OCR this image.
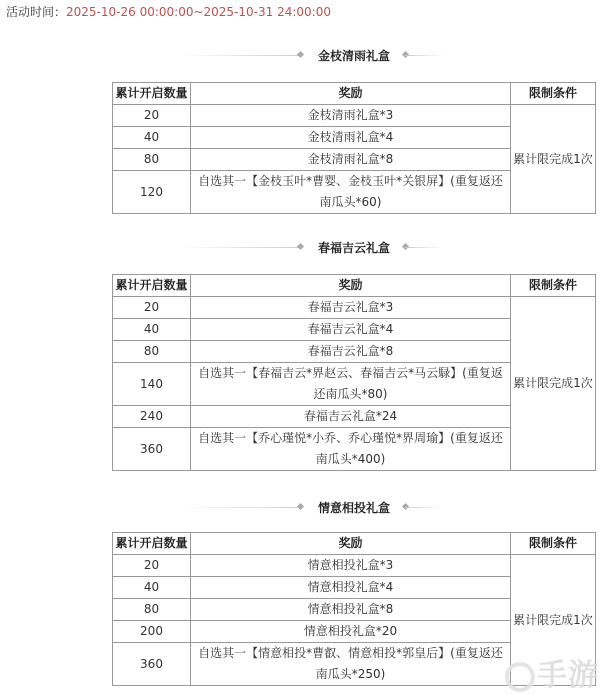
活动时间：2025-10-26 00:00:00~2025-10-31 24:00:00
金枝清雨礼盒
累计开启数量	奖励	限制条件
20	金枝清雨礼盒*3	累计限完成1次
40	金枝清雨礼盒*4	
80	金枝清雨礼盒*8	
120	自选其一【金枝玉叶*曹婴、金枝玉叶*关银屏】(重复返还南瓜头*60)	
春福吉云礼盒
累计开启数量	奖励	限制条件
20	春福吉云礼盒*3	累计限完成1次
40	春福吉云礼盒*4	
80	春福吉云礼盒*8	
140	自选其一【春福吉云*界赵云、春福吉云*马云騄】(重复返还南瓜头*80)	
240	春福吉云礼盒*24	
360	自选其一【乔心瑾悦*小乔、乔心瑾悦*界周瑜】(重复返还南瓜头*400)	
情意相投礼盒
累计开启数量	奖励	限制条件
20	情意相投礼盒*3	累计限完成1次
40	情意相投礼盒*4	
80	情意相投礼盒*8	
200	情意相投礼盒*20	
360	自选其一【情意相投*曹叡、情意相投*郭皇后】(重复返还南瓜头*250)		手游
